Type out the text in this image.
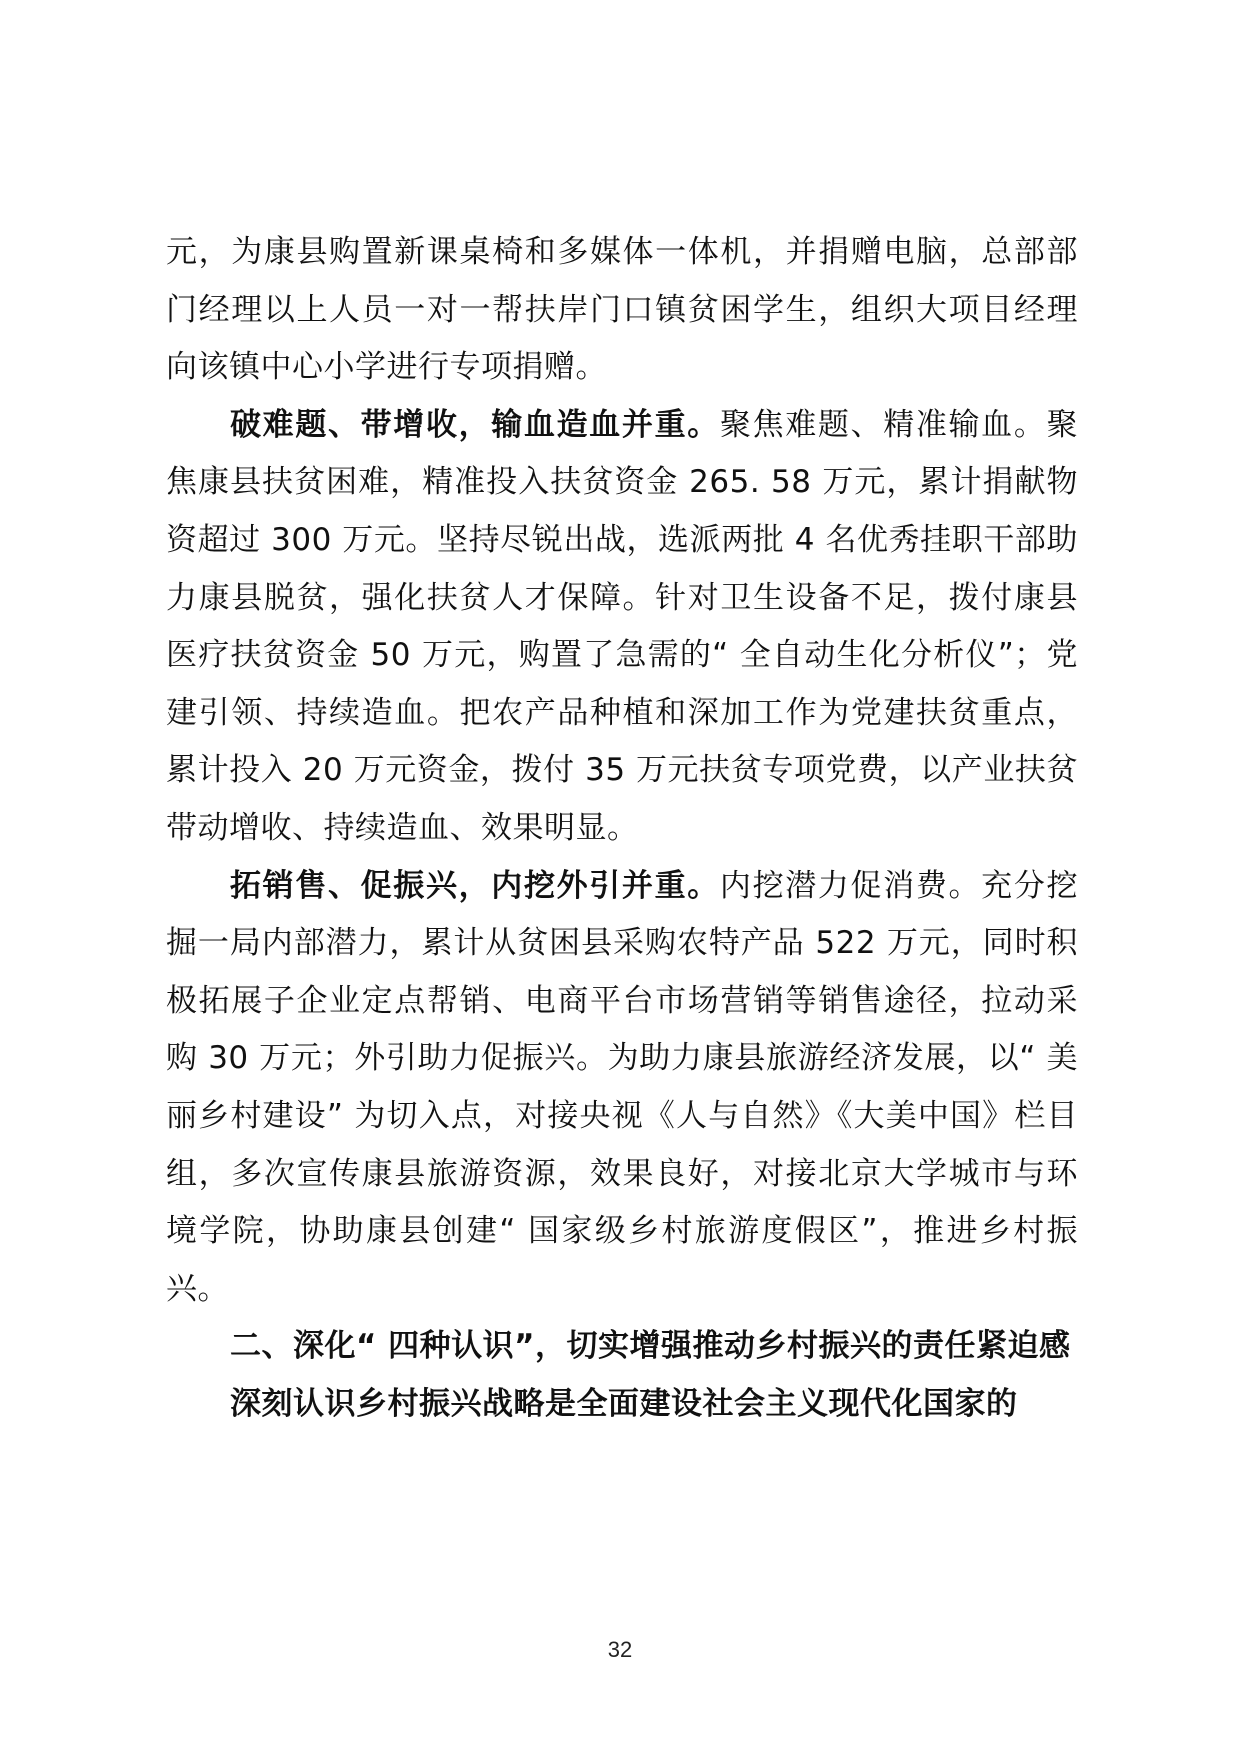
元，为康县购置新课桌椅和多媒体一体机，并捐赠电脑，总部部门经理以上人员一对一帮扶岸门口镇贫困学生，组织大项目经理向该镇中心小学进行专项捐赠。

破难题、带增收，输血造血并重。聚焦难题、精准输血。聚焦康县扶贫困难，精准投入扶贫资金 265. 58 万元，累计捐献物资超过 300 万元。坚持尽锐出战，选派两批 4 名优秀挂职干部助力康县脱贫，强化扶贫人才保障。针对卫生设备不足，拨付康县医疗扶贫资金 50 万元，购置了急需的“ 全自动生化分析仪”；党建引领、持续造血。把农产品种植和深加工作为党建扶贫重点，累计投入 20 万元资金，拨付 35 万元扶贫专项党费，以产业扶贫带动增收、持续造血、效果明显。

拓销售、促振兴，内挖外引并重。内挖潜力促消费。充分挖掘一局内部潜力，累计从贫困县采购农特产品 522 万元，同时积极拓展子企业定点帮销、电商平台市场营销等销售途径，拉动采购 30 万元；外引助力促振兴。为助力康县旅游经济发展，以“ 美丽乡村建设” 为切入点，对接央视《人与自然》《大美中国》栏目组，多次宣传康县旅游资源，效果良好，对接北京大学城市与环境学院，协助康县创建“ 国家级乡村旅游度假区”，推进乡村振兴。

二、深化“ 四种认识”，切实增强推动乡村振兴的责任紧迫感

深刻认识乡村振兴战略是全面建设社会主义现代化国家的

32
